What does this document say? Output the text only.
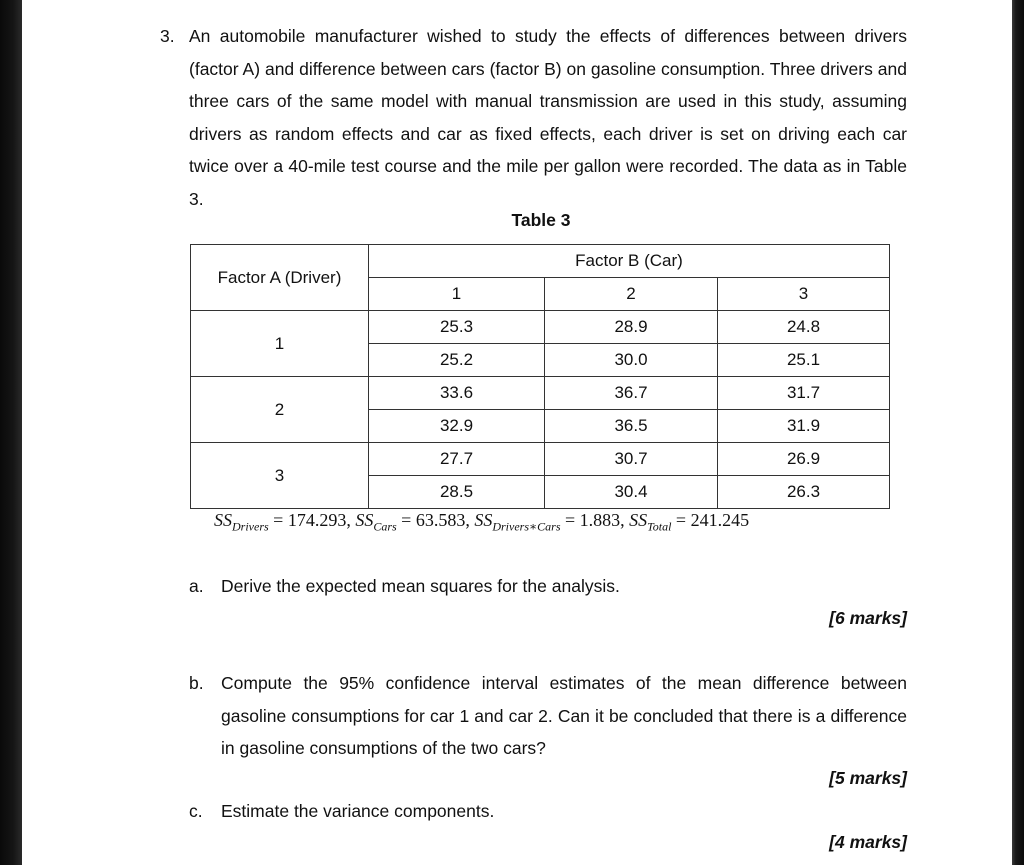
3. An automobile manufacturer wished to study the effects of differences between drivers (factor A) and difference between cars (factor B) on gasoline consumption. Three drivers and three cars of the same model with manual transmission are used in this study, assuming drivers as random effects and car as fixed effects, each driver is set on driving each car twice over a 40-mile test course and the mile per gallon were recorded. The data as in Table 3.
Table 3
Factor A (Driver)	Factor B (Car)		
	1	2	3
1	25.3	28.9	24.8
	25.2	30.0	25.1
2	33.6	36.7	31.7
	32.9	36.5	31.9
3	27.7	30.7	26.9
	28.5	30.4	26.3
$SS_{Drivers} = 174.293$, $SS_{Cars} = 63.583$, $SS_{Drivers∗Cars} = 1.883$, $SS_{Total} = 241.245$
a. Derive the expected mean squares for the analysis.
[6 marks]
b. Compute the 95% confidence interval estimates of the mean difference between gasoline consumptions for car 1 and car 2. Can it be concluded that there is a difference in gasoline consumptions of the two cars?
[5 marks]
c. Estimate the variance components.
[4 marks]
